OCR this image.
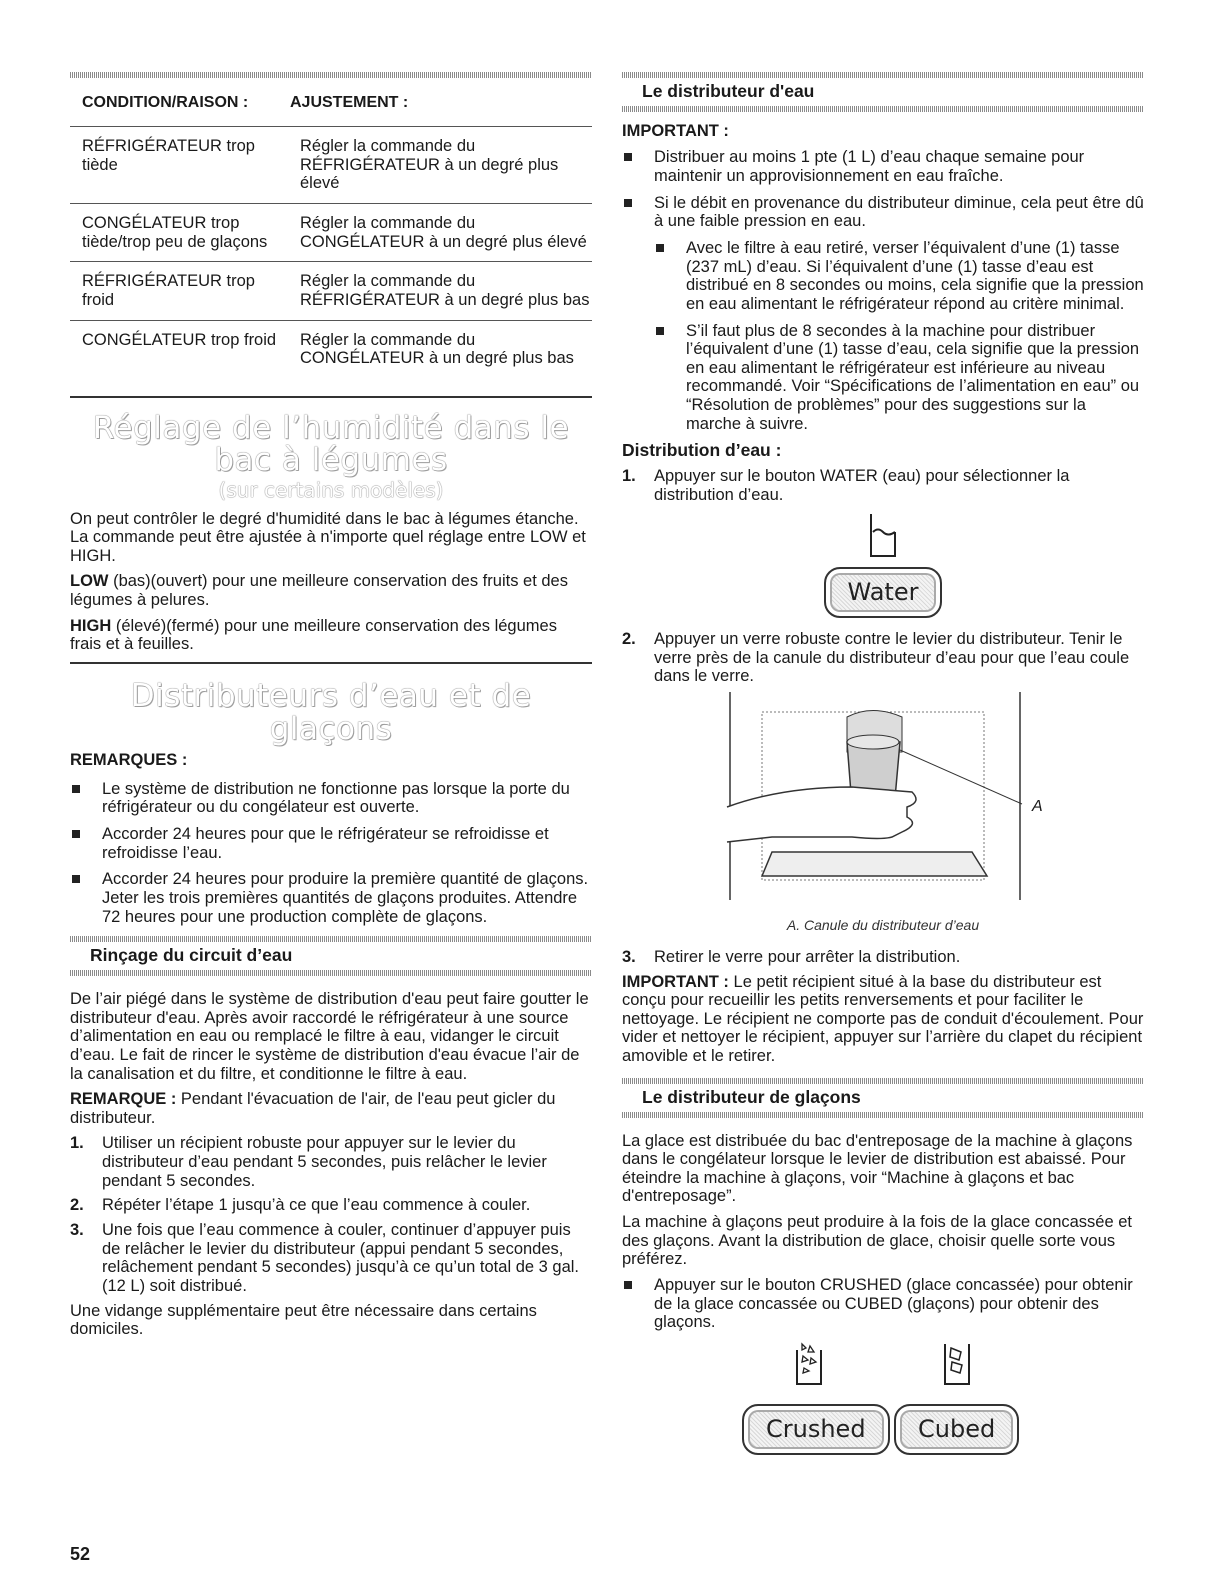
CONDITION/RAISON :	AJUSTEMENT :
RÉFRIGÉRATEUR trop tiède	Régler la commande du RÉFRIGÉRATEUR à un degré plus élevé
CONGÉLATEUR trop tiède/trop peu de glaçons	Régler la commande du CONGÉLATEUR à un degré plus élevé
RÉFRIGÉRATEUR trop froid	Régler la commande du RÉFRIGÉRATEUR à un degré plus bas
CONGÉLATEUR trop froid	Régler la commande du CONGÉLATEUR à un degré plus bas
Réglage de l’humidité dans le
bac à légumes
(sur certains modèles)

On peut contrôler le degré d'humidité dans le bac à légumes étanche. La commande peut être ajustée à n'importe quel réglage entre LOW et HIGH.

LOW (bas)(ouvert) pour une meilleure conservation des fruits et des légumes à pelures.

HIGH (élevé)(fermé) pour une meilleure conservation des légumes frais et à feuilles.

Distributeurs d’eau et de glaçons

REMARQUES :

Le système de distribution ne fonctionne pas lorsque la porte du réfrigérateur ou du congélateur est ouverte.
Accorder 24 heures pour que le réfrigérateur se refroidisse et refroidisse l’eau.
Accorder 24 heures pour produire la première quantité de glaçons. Jeter les trois premières quantités de glaçons produites. Attendre 72 heures pour une production complète de glaçons.
Rinçage du circuit d’eau

De l’air piégé dans le système de distribution d'eau peut faire goutter le distributeur d'eau. Après avoir raccordé le réfrigérateur à une source d’alimentation en eau ou remplacé le filtre à eau, vidanger le circuit d’eau. Le fait de rincer le système de distribution d'eau évacue l’air de la canalisation et du filtre, et conditionne le filtre à eau.

REMARQUE : Pendant l'évacuation de l'air, de l'eau peut gicler du distributeur.

1. Utiliser un récipient robuste pour appuyer sur le levier du distributeur d’eau pendant 5 secondes, puis relâcher le levier pendant 5 secondes.
2. Répéter l’étape 1 jusqu’à ce que l’eau commence à couler.
3. Une fois que l’eau commence à couler, continuer d’appuyer puis de relâcher le levier du distributeur (appui pendant 5 secondes, relâchement pendant 5 secondes) jusqu’à ce qu’un total de 3 gal. (12 L) soit distribué.

Une vidange supplémentaire peut être nécessaire dans certains domiciles.

Le distributeur d'eau

IMPORTANT :

Distribuer au moins 1 pte (1 L) d’eau chaque semaine pour maintenir un approvisionnement en eau fraîche.
Si le débit en provenance du distributeur diminue, cela peut être dû à une faible pression en eau.
Avec le filtre à eau retiré, verser l’équivalent d’une (1) tasse (237 mL) d’eau. Si l’équivalent d’une (1) tasse d’eau est distribué en 8 secondes ou moins, cela signifie que la pression en eau alimentant le réfrigérateur répond au critère minimal.
S’il faut plus de 8 secondes à la machine pour distribuer l’équivalent d’une (1) tasse d’eau, cela signifie que la pression en eau alimentant le réfrigérateur est inférieure au niveau recommandé. Voir “Spécifications de l’alimentation en eau” ou “Résolution de problèmes” pour des suggestions sur la marche à suivre.

Distribution d’eau :

1. Appuyer sur le bouton WATER (eau) pour sélectionner la distribution d’eau.
Water
2. Appuyer un verre robuste contre le levier du distributeur. Tenir le verre près de la canule du distributeur d’eau pour que l’eau coule dans le verre.
A
A. Canule du distributeur d’eau
3. Retirer le verre pour arrêter la distribution.

IMPORTANT : Le petit récipient situé à la base du distributeur est conçu pour recueillir les petits renversements et pour faciliter le nettoyage. Le récipient ne comporte pas de conduit d'écoulement. Pour vider et nettoyer le récipient, appuyer sur l’arrière du clapet du récipient amovible et le retirer.

Le distributeur de glaçons

La glace est distribuée du bac d'entreposage de la machine à glaçons dans le congélateur lorsque le levier de distribution est abaissé. Pour éteindre la machine à glaçons, voir “Machine à glaçons et bac d'entreposage”.

La machine à glaçons peut produire à la fois de la glace concassée et des glaçons. Avant la distribution de glace, choisir quelle sorte vous préférez.

Appuyer sur le bouton CRUSHED (glace concassée) pour obtenir de la glace concassée ou CUBED (glaçons) pour obtenir des glaçons.
Crushed	Cubed
52
